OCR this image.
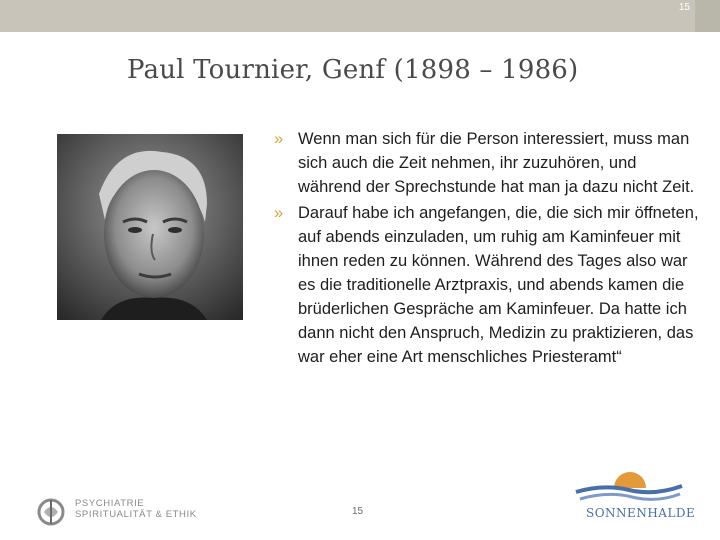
15
Paul Tournier, Genf (1898 – 1986)
» Wenn man sich für die Person interessiert, muss man sich auch die Zeit nehmen, ihr zuzuhören, und während der Sprechstunde hat man ja dazu nicht Zeit.
» Darauf habe ich angefangen, die, die sich mir öffneten, auf abends einzuladen, um ruhig am Kaminfeuer mit ihnen reden zu können. Während des Tages also war es die traditionelle Arztpraxis, und abends kamen die brüderlichen Gespräche am Kaminfeuer. Da hatte ich dann nicht den Anspruch, Medizin zu praktizieren, das war eher eine Art menschliches Priesteramt“
PSYCHIATRIE
SPIRITUALITÄT & ETHIK	15	SONNENHALDE
